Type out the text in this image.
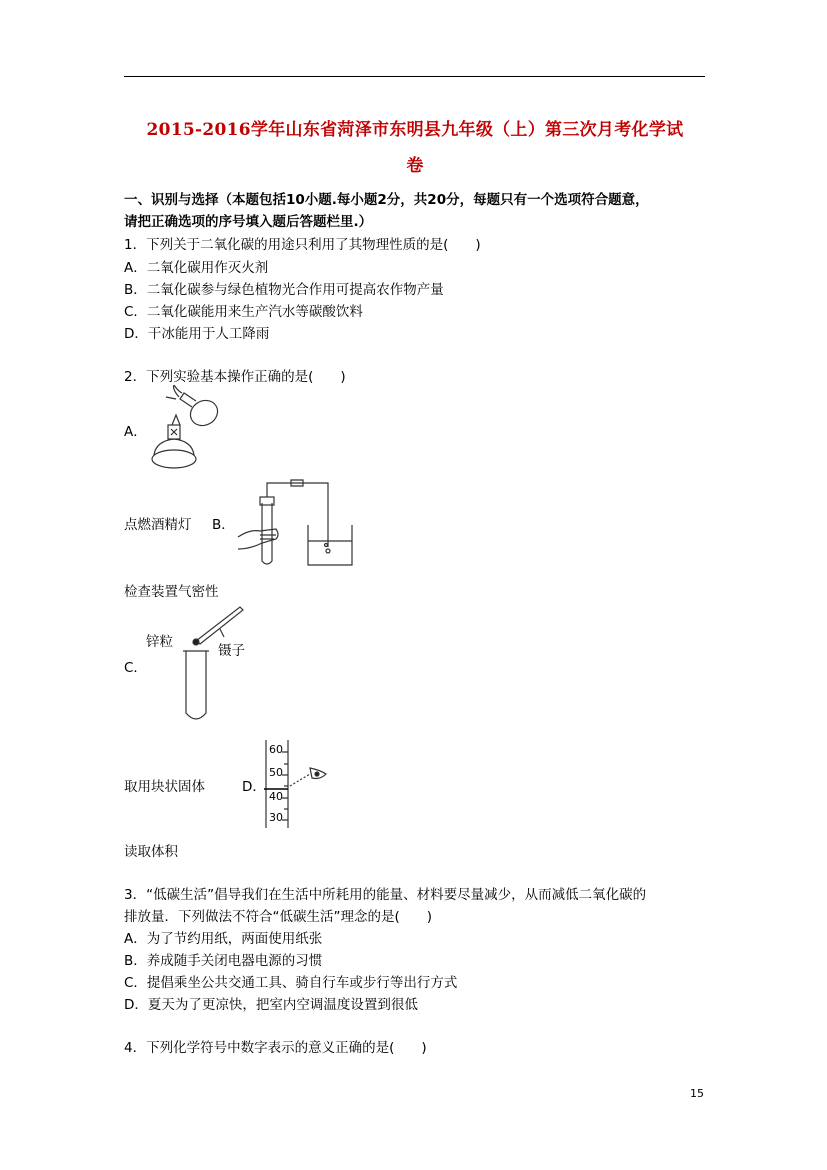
2015-2016学年山东省菏泽市东明县九年级（上）第三次月考化学试
卷
一、识别与选择（本题包括10小题.每小题2分，共20分，每题只有一个选项符合题意，
请把正确选项的序号填入题后答题栏里.）
1．下列关于二氧化碳的用途只利用了其物理性质的是(　　)
A．二氧化碳用作灭火剂
B．二氧化碳参与绿色植物光合作用可提高农作物产量
C．二氧化碳能用来生产汽水等碳酸饮料
D．干冰能用于人工降雨
2．下列实验基本操作正确的是(　　)
A．
点燃酒精灯 B．
检查装置气密性
C．
锌粒
镊子
取用块状固体	D．
60
50
40
30
读取体积
3．“低碳生活”倡导我们在生活中所耗用的能量、材料要尽量减少，从而减低二氧化碳的
排放量．下列做法不符合“低碳生活”理念的是(　　)
A．为了节约用纸，两面使用纸张
B．养成随手关闭电器电源的习惯
C．提倡乘坐公共交通工具、骑自行车或步行等出行方式
D．夏天为了更凉快，把室内空调温度设置到很低
4．下列化学符号中数字表示的意义正确的是(　　)
15
